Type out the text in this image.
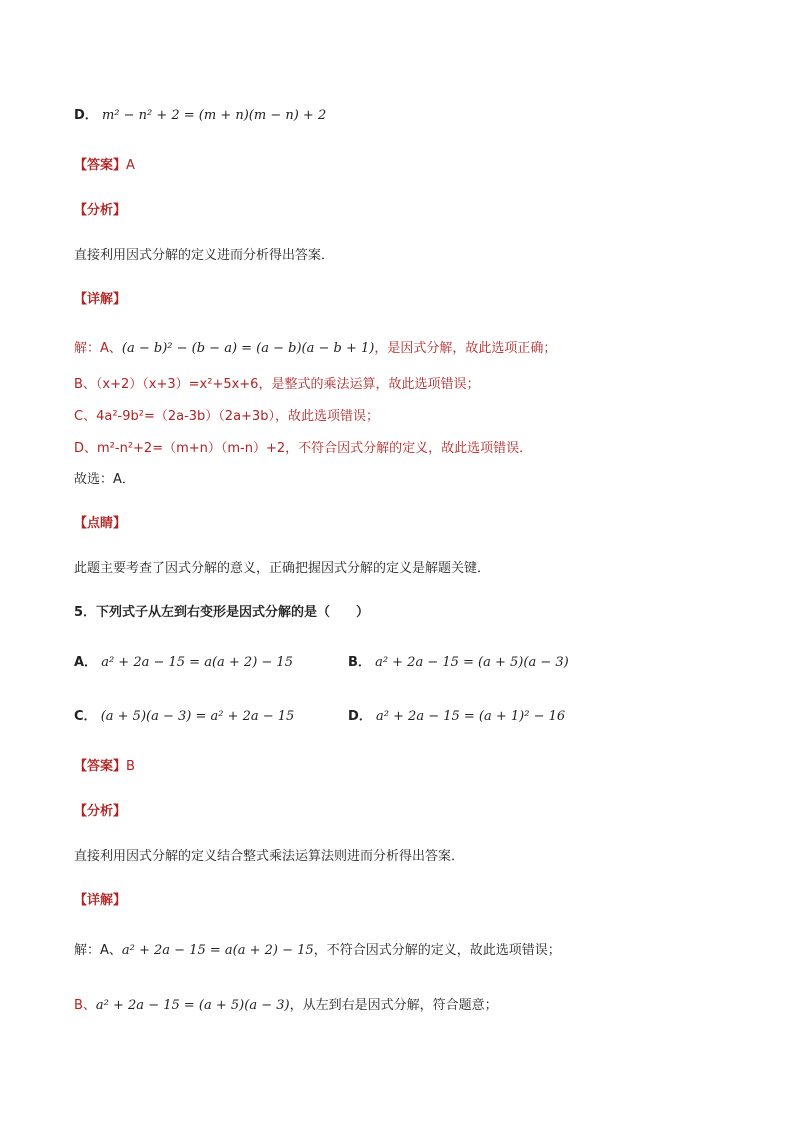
D． m² − n² + 2 = (m + n)(m − n) + 2
【答案】A
【分析】
直接利用因式分解的定义进而分析得出答案．
【详解】
解：A、(a − b)² − (b − a) = (a − b)(a − b + 1)，是因式分解，故此选项正确；
B、（x+2）（x+3）=x²+5x+6，是整式的乘法运算，故此选项错误；
C、4a²-9b²=（2a-3b）（2a+3b），故此选项错误；
D、m²-n²+2=（m+n）（m-n）+2，不符合因式分解的定义，故此选项错误．
故选：A．
【点睛】
此题主要考查了因式分解的意义，正确把握因式分解的定义是解题关键．
5．下列式子从左到右变形是因式分解的是（　　）
A． a² + 2a − 15 = a(a + 2) − 15	B． a² + 2a − 15 = (a + 5)(a − 3)
C． (a + 5)(a − 3) = a² + 2a − 15	D． a² + 2a − 15 = (a + 1)² − 16
【答案】B
【分析】
直接利用因式分解的定义结合整式乘法运算法则进而分析得出答案．
【详解】
解：A、a² + 2a − 15 = a(a + 2) − 15，不符合因式分解的定义，故此选项错误；
B、a² + 2a − 15 = (a + 5)(a − 3)，从左到右是因式分解，符合题意；
